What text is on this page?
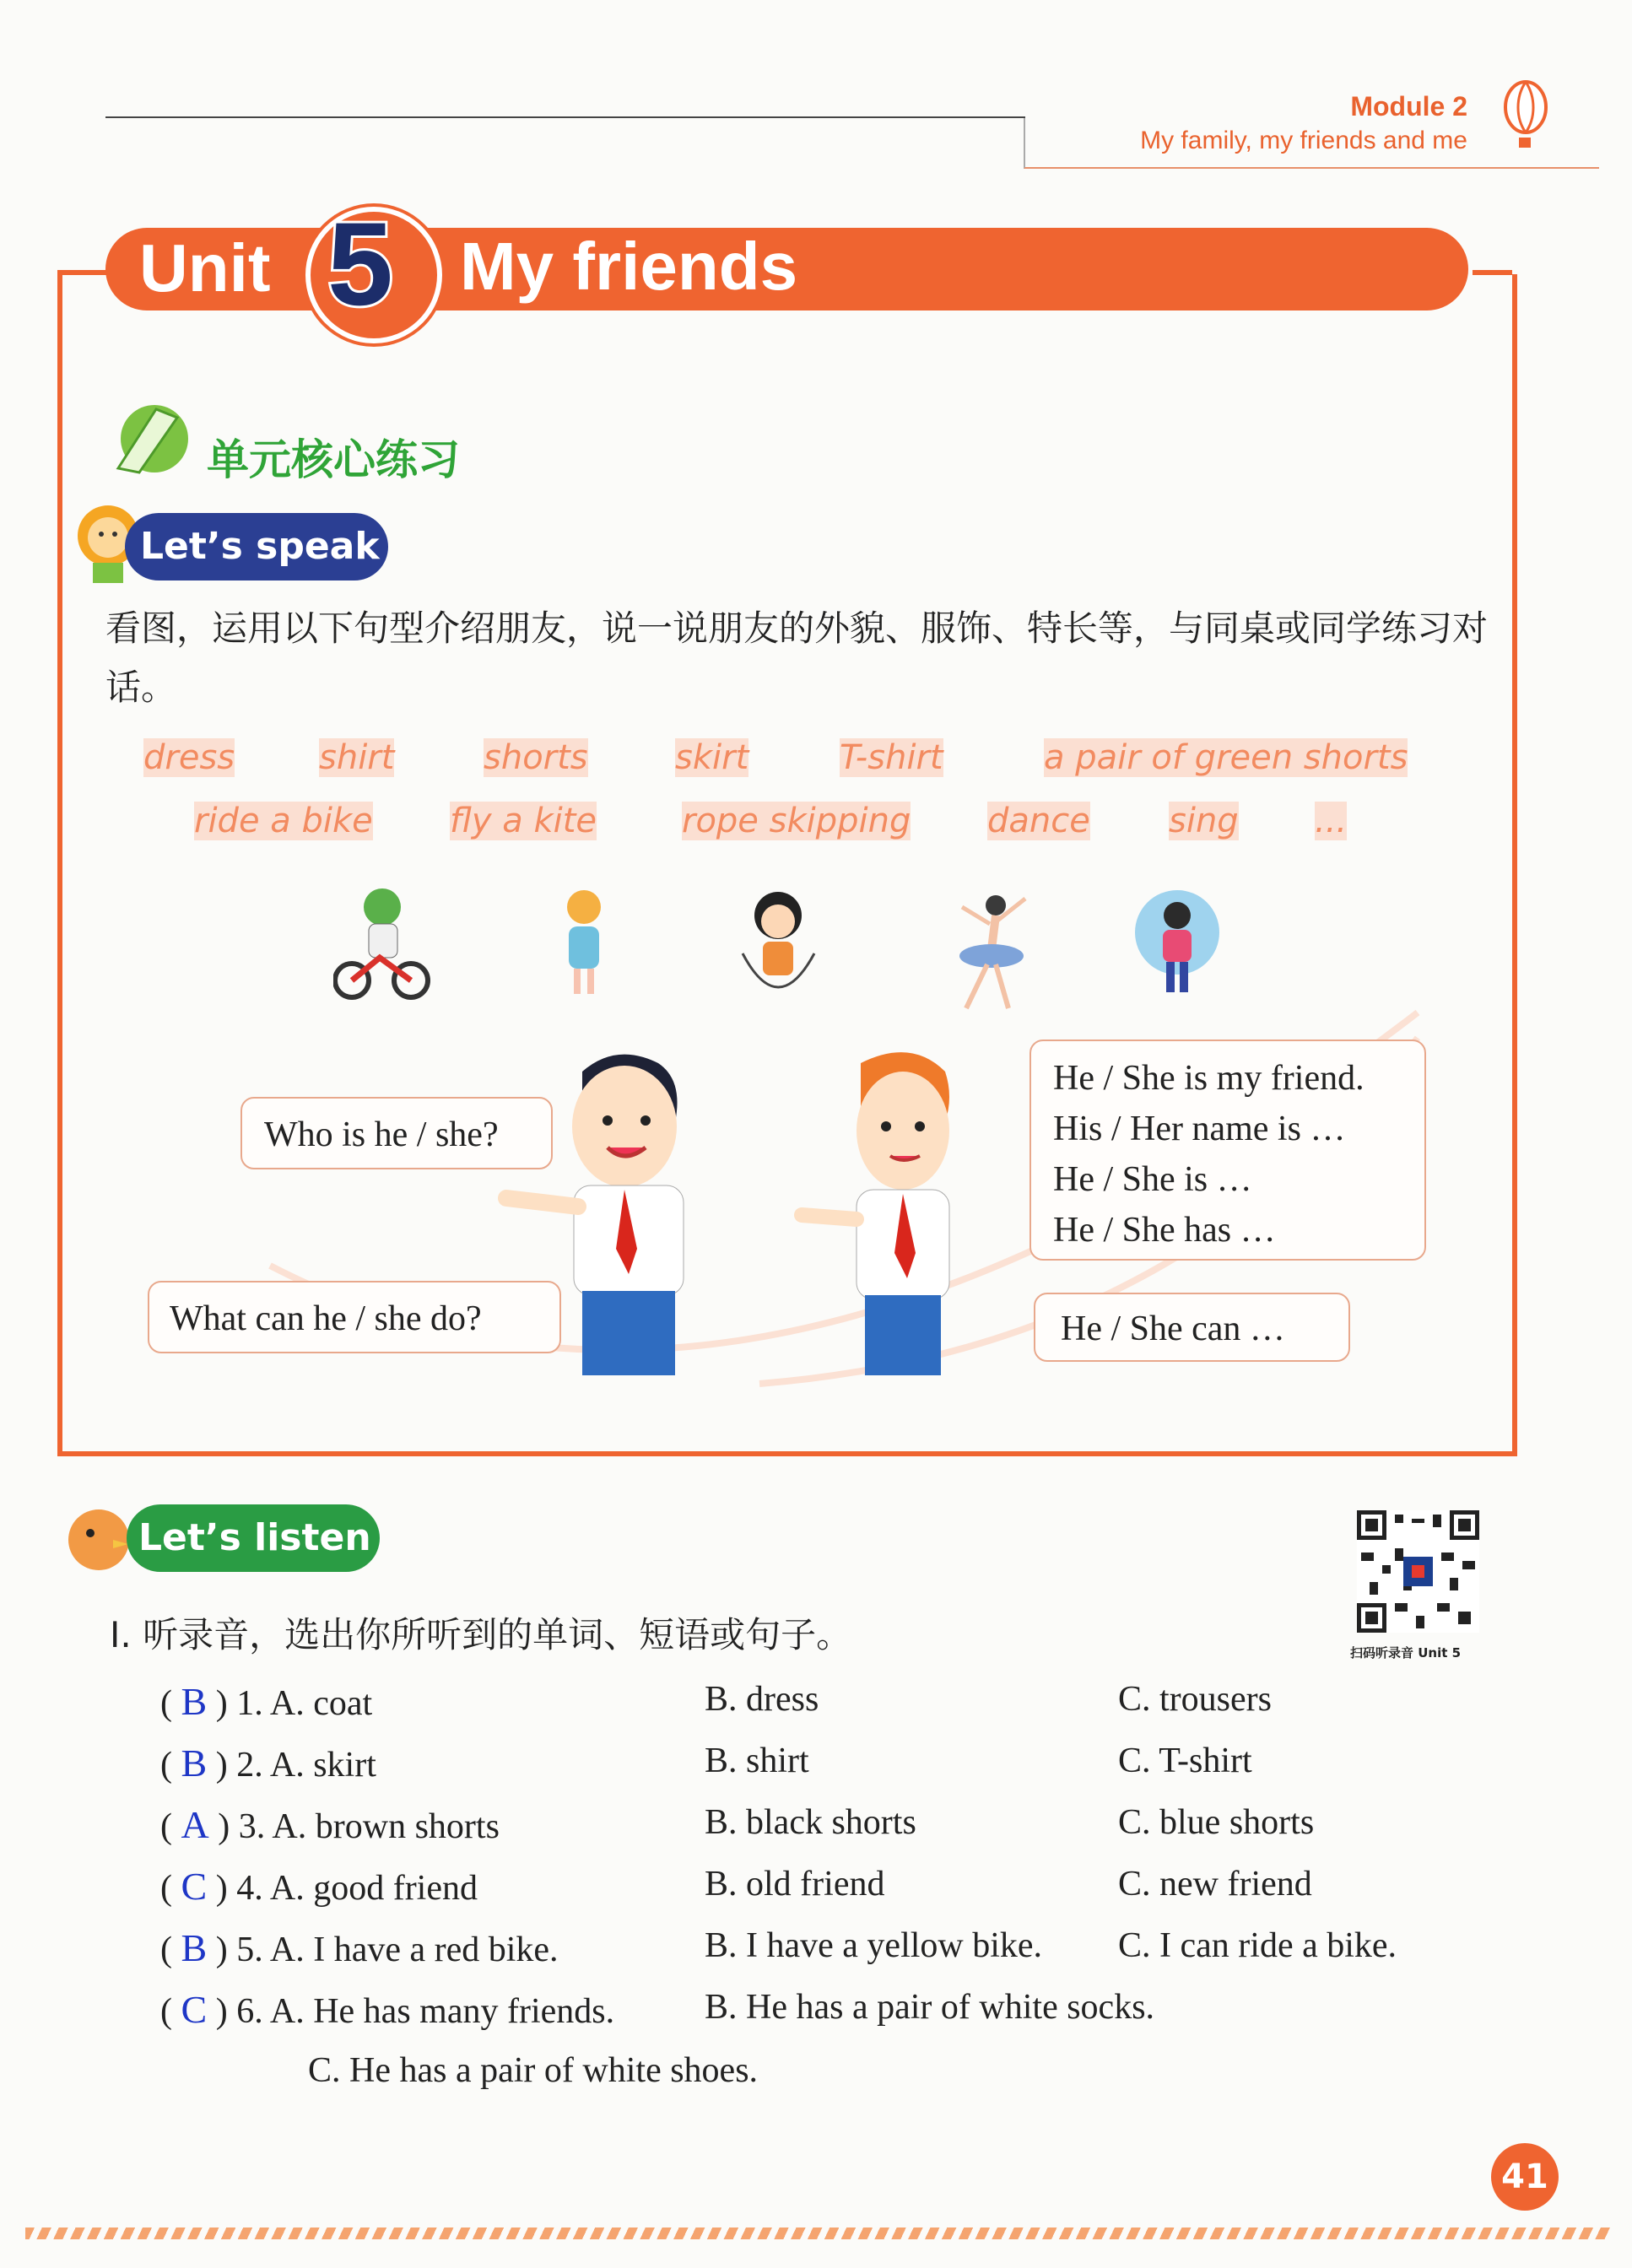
Module 2
My family, my friends and me
Unit 5 My friends
单元核心练习
Let’s speak
看图，运用以下句型介绍朋友，说一说朋友的外貌、服饰、特长等，与同桌或同学练习对话。
dress shirt	shorts	skirt	T-shirt	a pair of green shorts
ride a bike fly a kite	rope skipping dance sing ...
Who is he / she?
What can he / she do?
He / She is my friend.
His / Her name is …
He / She is …
He / She has …
He / She can …
Let’s listen
扫码听录音 Unit 5
Ⅰ. 听录音，选出你所听到的单词、短语或句子。
( B ) 1. A. coat	B. dress	C. trousers
( B ) 2. A. skirt	B. shirt	C. T-shirt
( A ) 3. A. brown shorts	B. black shorts	C. blue shorts
( C ) 4. A. good friend	B. old friend	C. new friend
( B ) 5. A. I have a red bike.	B. I have a yellow bike. C. I can ride a bike.
( C ) 6. A. He has many friends.	B. He has a pair of white socks.
C. He has a pair of white shoes.
41
